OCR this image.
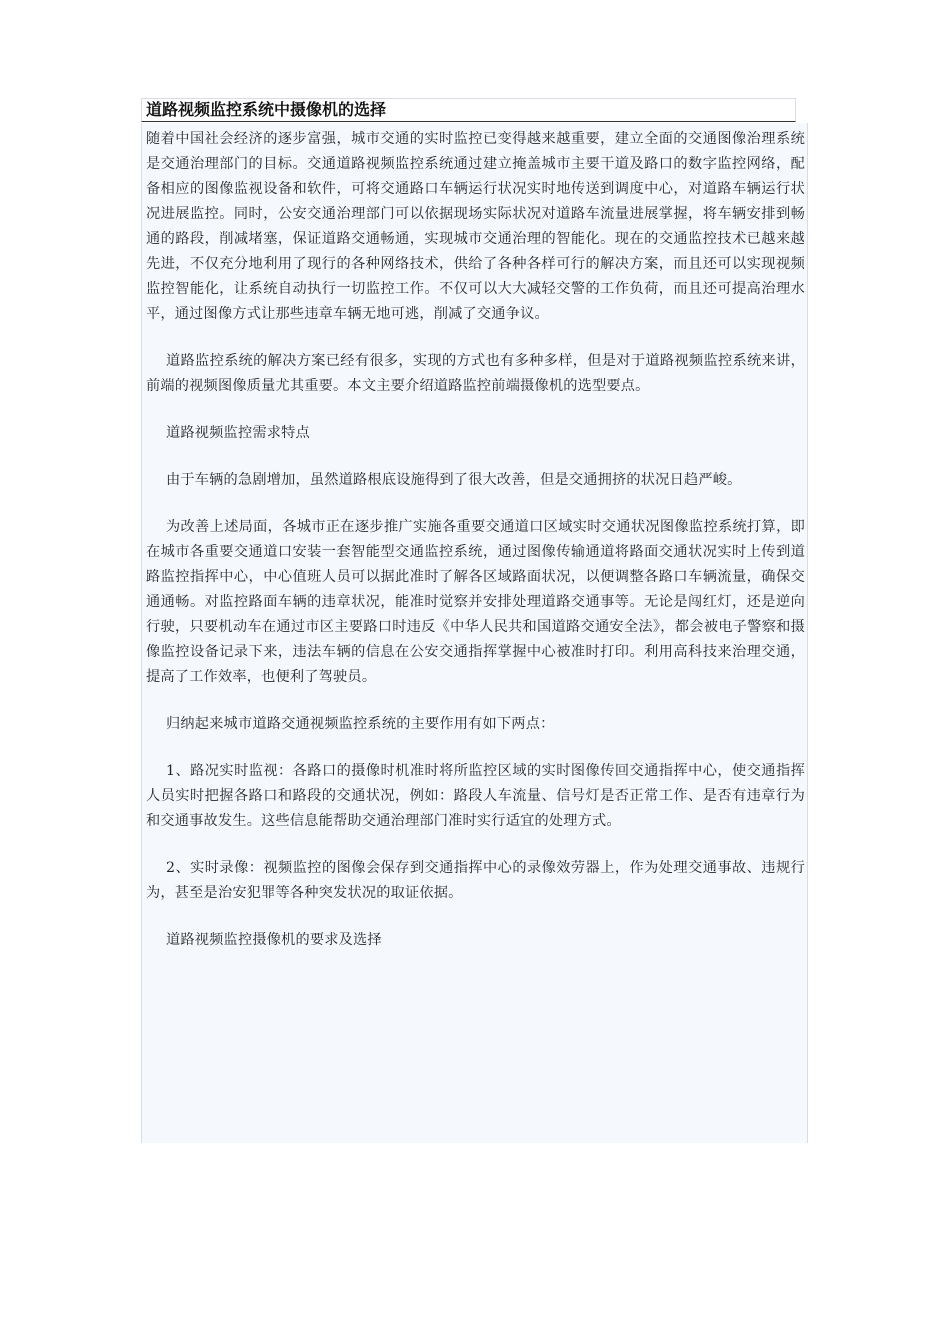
道路视频监控系统中摄像机的选择

随着中国社会经济的逐步富强，城市交通的实时监控已变得越来越重要，建立全面的交通图像治理系统是交通治理部门的目标。交通道路视频监控系统通过建立掩盖城市主要干道及路口的数字监控网络，配备相应的图像监视设备和软件，可将交通路口车辆运行状况实时地传送到调度中心，对道路车辆运行状况进展监控。同时，公安交通治理部门可以依据现场实际状况对道路车流量进展掌握，将车辆安排到畅通的路段，削减堵塞，保证道路交通畅通，实现城市交通治理的智能化。现在的交通监控技术已越来越先进，不仅充分地利用了现行的各种网络技术，供给了各种各样可行的解决方案，而且还可以实现视频监控智能化，让系统自动执行一切监控工作。不仅可以大大减轻交警的工作负荷，而且还可提高治理水平，通过图像方式让那些违章车辆无地可逃，削减了交通争议。

道路监控系统的解决方案已经有很多，实现的方式也有多种多样，但是对于道路视频监控系统来讲，前端的视频图像质量尤其重要。本文主要介绍道路监控前端摄像机的选型要点。

道路视频监控需求特点

由于车辆的急剧增加，虽然道路根底设施得到了很大改善，但是交通拥挤的状况日趋严峻。

为改善上述局面，各城市正在逐步推广实施各重要交通道口区域实时交通状况图像监控系统打算，即在城市各重要交通道口安装一套智能型交通监控系统，通过图像传输通道将路面交通状况实时上传到道路监控指挥中心，中心值班人员可以据此准时了解各区域路面状况，以便调整各路口车辆流量，确保交通通畅。对监控路面车辆的违章状况，能准时觉察并安排处理道路交通事等。无论是闯红灯，还是逆向行驶，只要机动车在通过市区主要路口时违反《中华人民共和国道路交通安全法》，都会被电子警察和摄像监控设备记录下来，违法车辆的信息在公安交通指挥掌握中心被准时打印。利用高科技来治理交通，提高了工作效率，也便利了驾驶员。

归纳起来城市道路交通视频监控系统的主要作用有如下两点：

1、路况实时监视：各路口的摄像时机准时将所监控区域的实时图像传回交通指挥中心，使交通指挥人员实时把握各路口和路段的交通状况，例如：路段人车流量、信号灯是否正常工作、是否有违章行为和交通事故发生。这些信息能帮助交通治理部门准时实行适宜的处理方式。

2、实时录像：视频监控的图像会保存到交通指挥中心的录像效劳器上，作为处理交通事故、违规行为，甚至是治安犯罪等各种突发状况的取证依据。

道路视频监控摄像机的要求及选择
